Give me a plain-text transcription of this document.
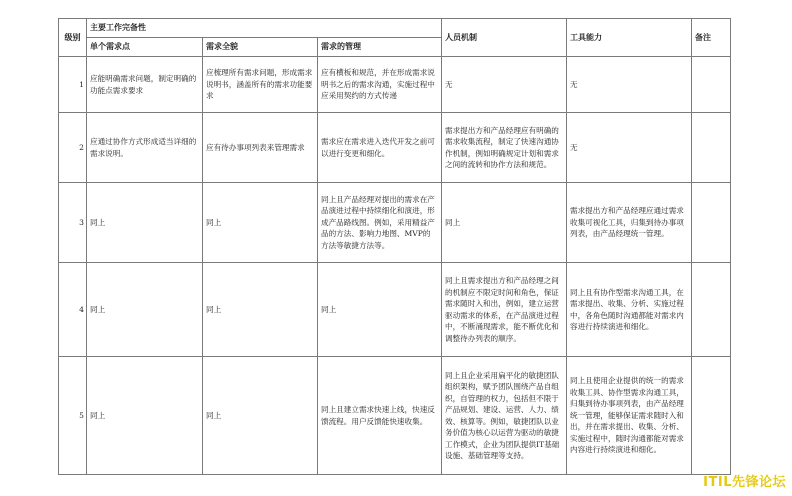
级别	主要工作完备性			人员机制	工具能力	备注
	单个需求点	需求全貌	需求的管理			
1	应能明确需求问题，制定明确的功能点需求要求	应梳理所有需求问题，形成需求说明书，涵盖所有的需求功能要求	应有横板和规范，并在形成需求说明书之后的需求沟通，实施过程中应采用契约的方式传递	无	无	
2	应通过协作方式形成适当详细的需求说明。	应有待办事项列表来管理需求	需求应在需求进入迭代开发之前可以进行变更和细化。	需求提出方和产品经理应有明确的需求收集流程，制定了快速沟通协作机制，例如明确规定计划和需求之间的流转和协作方法和规范。	无	
3	同上	同上	同上且产品经理对提出的需求在产品演进过程中持续细化和演进，形成产品路线图。例如，采用精益产品的方法、影响力地图、MVP的方法等敏捷方法等。	同上	需求提出方和产品经理应通过需求收集可视化工具，归集到待办事项列表，由产品经理统一管理。	
4	同上	同上	同上	同上且需求提出方和产品经理之间的机制应不限定时间和角色，保证需求随时入和出，例如，建立运营驱动需求的体系，在产品演进过程中，不断涌现需求，能不断优化和调整待办列表的顺序。	同上且有协作型需求沟通工具，在需求提出、收集、分析、实施过程中，各角色随时沟通都能对需求内容进行持续演进和细化。	
5	同上	同上	同上且建立需求快速上线，快速反馈流程。用户反馈能快速收集。	同上且企业采用扁平化的敏捷团队组织架构，赋予团队围绕产品自组织，自管理的权力，包括但不限于产品规划、建设、运营、人力、绩效、核算等。例如，敏捷团队以业务价值为核心以运营为驱动的敏捷工作模式，企业为团队提供IT基础设施、基础管理等支持。	同上且使用企业提供的统一的需求收集工具、协作型需求沟通工具，归集到待办事项列表，由产品经理统一管理，能够保证需求随时入和出，并在需求提出、收集、分析、实施过程中，随时沟通都能对需求内容进行持续演进和细化。	
ITIL先锋论坛
